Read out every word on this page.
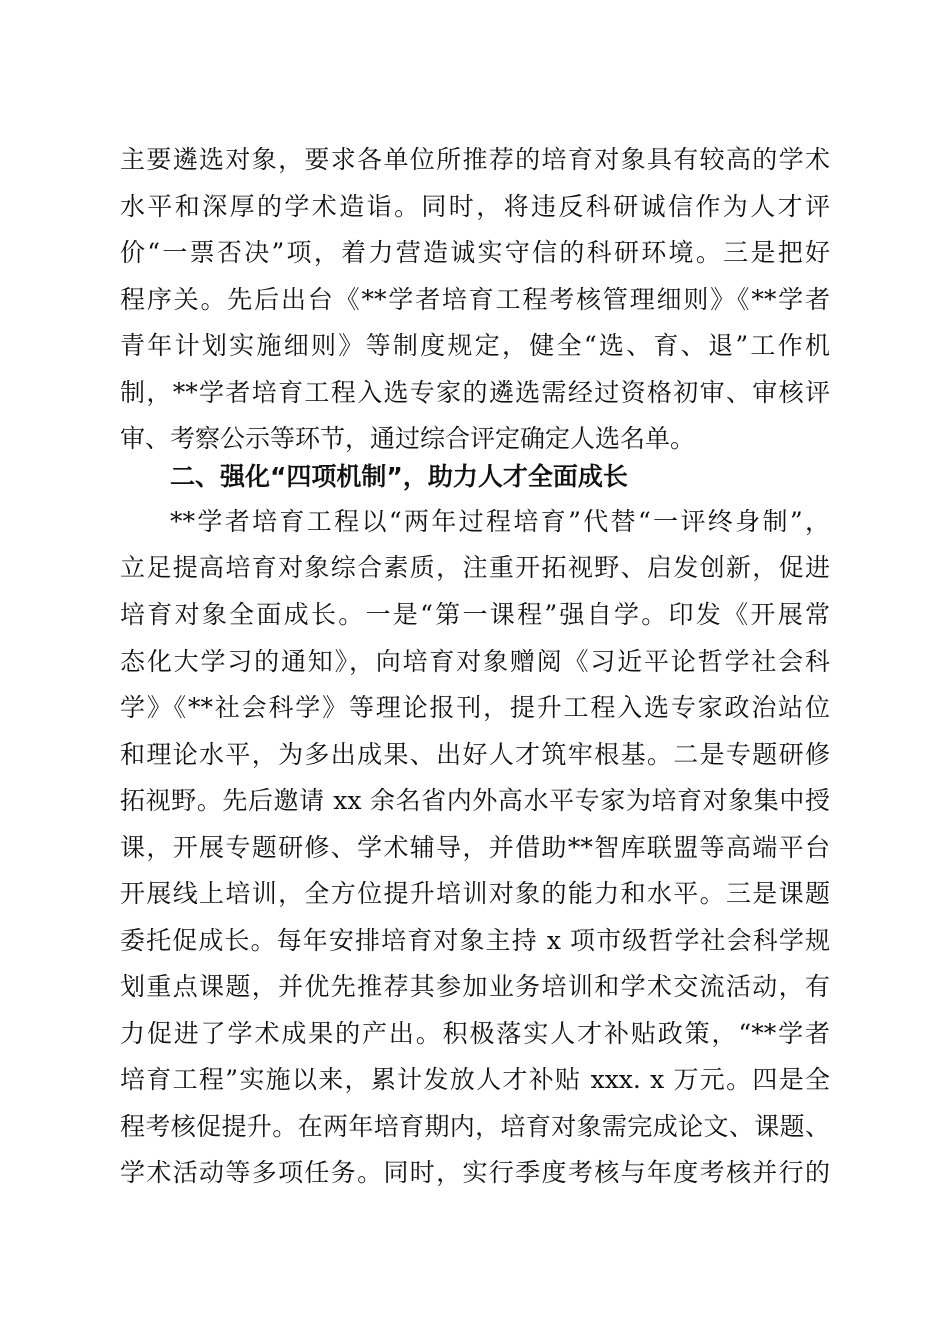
主要遴选对象，要求各单位所推荐的培育对象具有较高的学术
水平和深厚的学术造诣。同时，将违反科研诚信作为人才评
价“一票否决”项，着力营造诚实守信的科研环境。三是把好
程序关。先后出台《**学者培育工程考核管理细则》《**学者
青年计划实施细则》等制度规定，健全“选、育、退”工作机
制，**学者培育工程入选专家的遴选需经过资格初审、审核评
审、考察公示等环节，通过综合评定确定人选名单。
二、强化“四项机制”，助力人才全面成长
**学者培育工程以“两年过程培育”代替“一评终身制”，
立足提高培育对象综合素质，注重开拓视野、启发创新，促进
培育对象全面成长。一是“第一课程”强自学。印发《开展常
态化大学习的通知》，向培育对象赠阅《习近平论哲学社会科
学》《**社会科学》等理论报刊，提升工程入选专家政治站位
和理论水平，为多出成果、出好人才筑牢根基。二是专题研修
拓视野。先后邀请 xx 余名省内外高水平专家为培育对象集中授
课，开展专题研修、学术辅导，并借助**智库联盟等高端平台
开展线上培训，全方位提升培训对象的能力和水平。三是课题
委托促成长。每年安排培育对象主持 x 项市级哲学社会科学规
划重点课题，并优先推荐其参加业务培训和学术交流活动，有
力促进了学术成果的产出。积极落实人才补贴政策，“**学者
培育工程”实施以来，累计发放人才补贴 xxx. x 万元。四是全
程考核促提升。在两年培育期内，培育对象需完成论文、课题、
学术活动等多项任务。同时，实行季度考核与年度考核并行的
